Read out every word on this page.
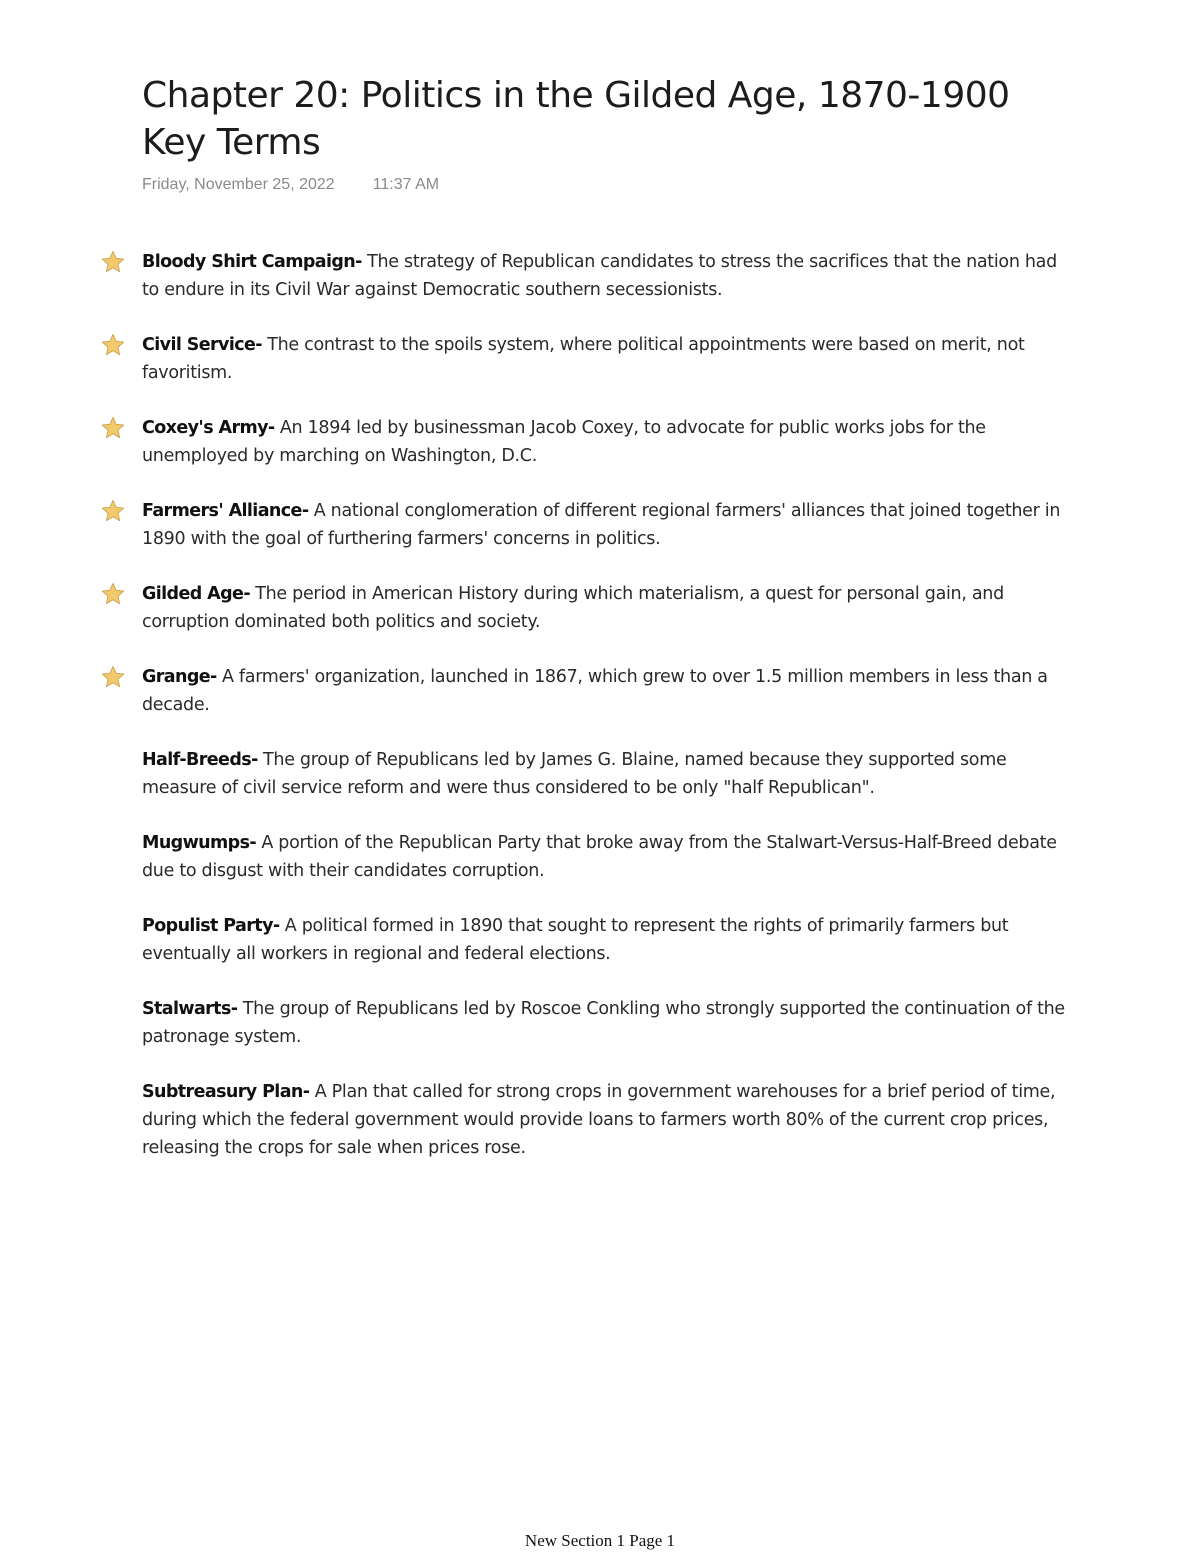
Chapter 20: Politics in the Gilded Age, 1870-1900 Key Terms
Friday, November 25, 2022 11:37 AM
Bloody Shirt Campaign- The strategy of Republican candidates to stress the sacrifices that the nation had to endure in its Civil War against Democratic southern secessionists.
Civil Service- The contrast to the spoils system, where political appointments were based on merit, not favoritism.
Coxey's Army- An 1894 led by businessman Jacob Coxey, to advocate for public works jobs for the unemployed by marching on Washington, D.C.
Farmers' Alliance- A national conglomeration of different regional farmers' alliances that joined together in 1890 with the goal of furthering farmers' concerns in politics.
Gilded Age- The period in American History during which materialism, a quest for personal gain, and corruption dominated both politics and society.
Grange- A farmers' organization, launched in 1867, which grew to over 1.5 million members in less than a decade.
Half-Breeds- The group of Republicans led by James G. Blaine, named because they supported some measure of civil service reform and were thus considered to be only "half Republican".
Mugwumps- A portion of the Republican Party that broke away from the Stalwart-Versus-Half-Breed debate due to disgust with their candidates corruption.
Populist Party- A political formed in 1890 that sought to represent the rights of primarily farmers but eventually all workers in regional and federal elections.
Stalwarts- The group of Republicans led by Roscoe Conkling who strongly supported the continuation of the patronage system.
Subtreasury Plan- A Plan that called for strong crops in government warehouses for a brief period of time, during which the federal government would provide loans to farmers worth 80% of the current crop prices, releasing the crops for sale when prices rose.
New Section 1 Page 1
